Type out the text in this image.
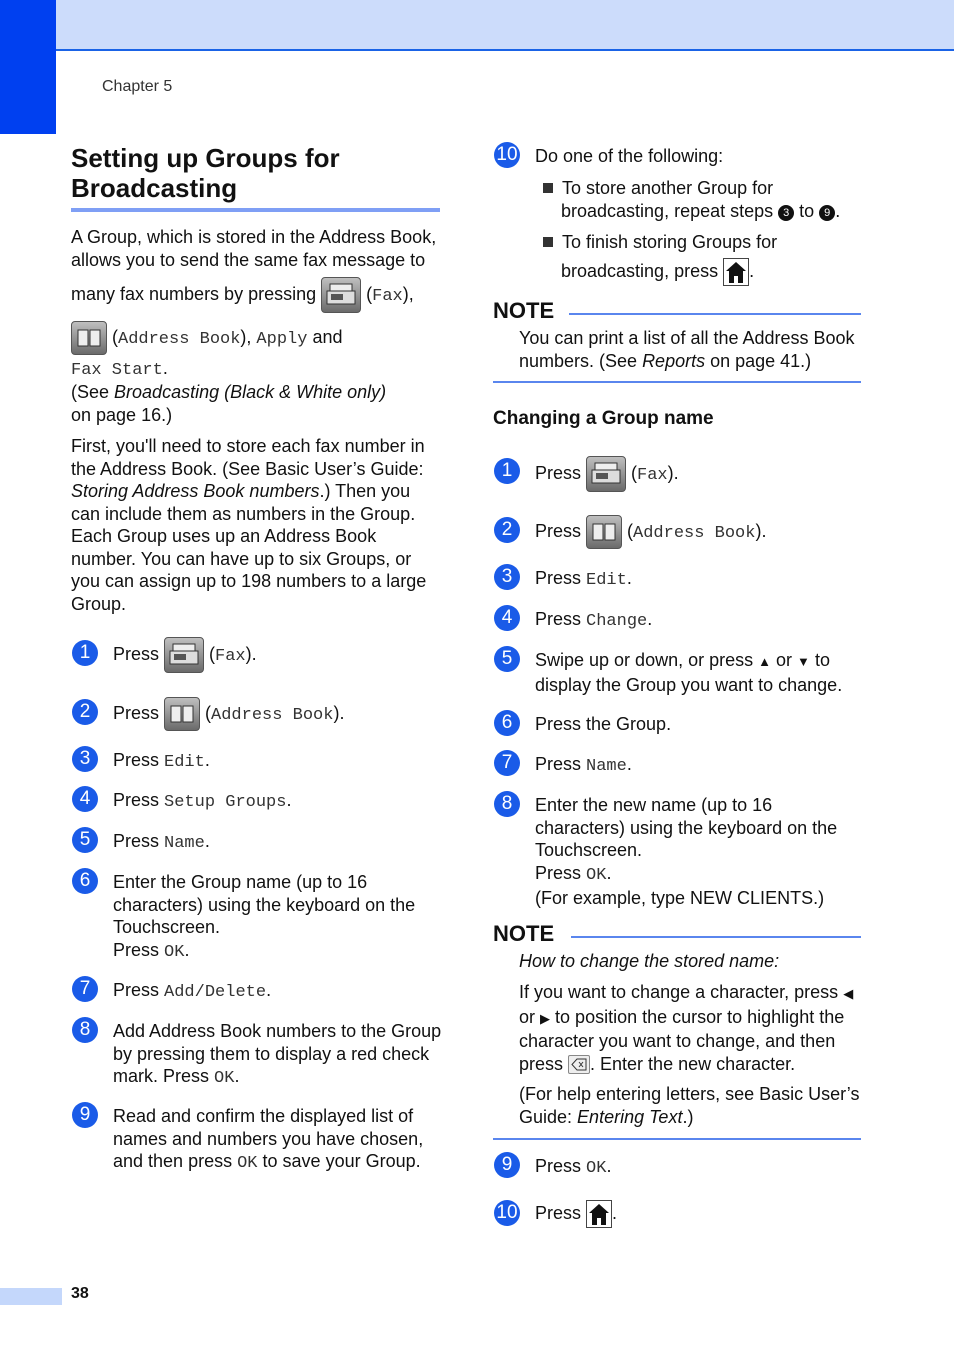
Chapter 5
38
Setting up Groups for Broadcasting
A Group, which is stored in the Address Book,
allows you to send the same fax message to
many fax numbers by pressing	(Fax),
(Address Book), Apply and
Fax Start.
(See Broadcasting (Black & White only)
on page 16.)
First, you'll need to store each fax number in the Address Book. (See Basic User’s Guide: Storing Address Book numbers.) Then you can include them as numbers in the Group. Each Group uses up an Address Book number. You can have up to six Groups, or you can assign up to 198 numbers to a large Group.
1	Press	(Fax).
2	Press
(Address Book).
3	Press Edit.
4	Press Setup Groups.
5	Press Name.
6	Enter the Group name (up to 16 characters) using the keyboard on the Touchscreen.
Press OK.
7	Press Add/Delete.
8	Add Address Book numbers to the Group by pressing them to display a red check mark. Press OK.
9	Read and confirm the displayed list of names and numbers you have chosen, and then press OK to save your Group.
10 Do one of the following:
To store another Group for
broadcasting, repeat steps 3 to 9 .
To finish storing Groups for
broadcasting, press .
NOTE
You can print a list of all the Address Book numbers. (See Reports on page 41.)
Changing a Group name
1	Press	(Fax).
2	Press
(Address Book).
3	Press Edit.
4	Press Change.
5	Swipe up or down, or press ▲ or ▼ to display the Group you want to change.
6	Press the Group.
7	Press Name.
8	Enter the new name (up to 16 characters) using the keyboard on the Touchscreen.
Press OK.
(For example, type NEW CLIENTS.)
NOTE
How to change the stored name:
If you want to change a character, press ◀ or ▶ to position the cursor to highlight the character you want to change, and then press . Enter the new character.
(For help entering letters, see Basic User’s Guide: Entering Text.)
9	Press OK.
10 Press .
